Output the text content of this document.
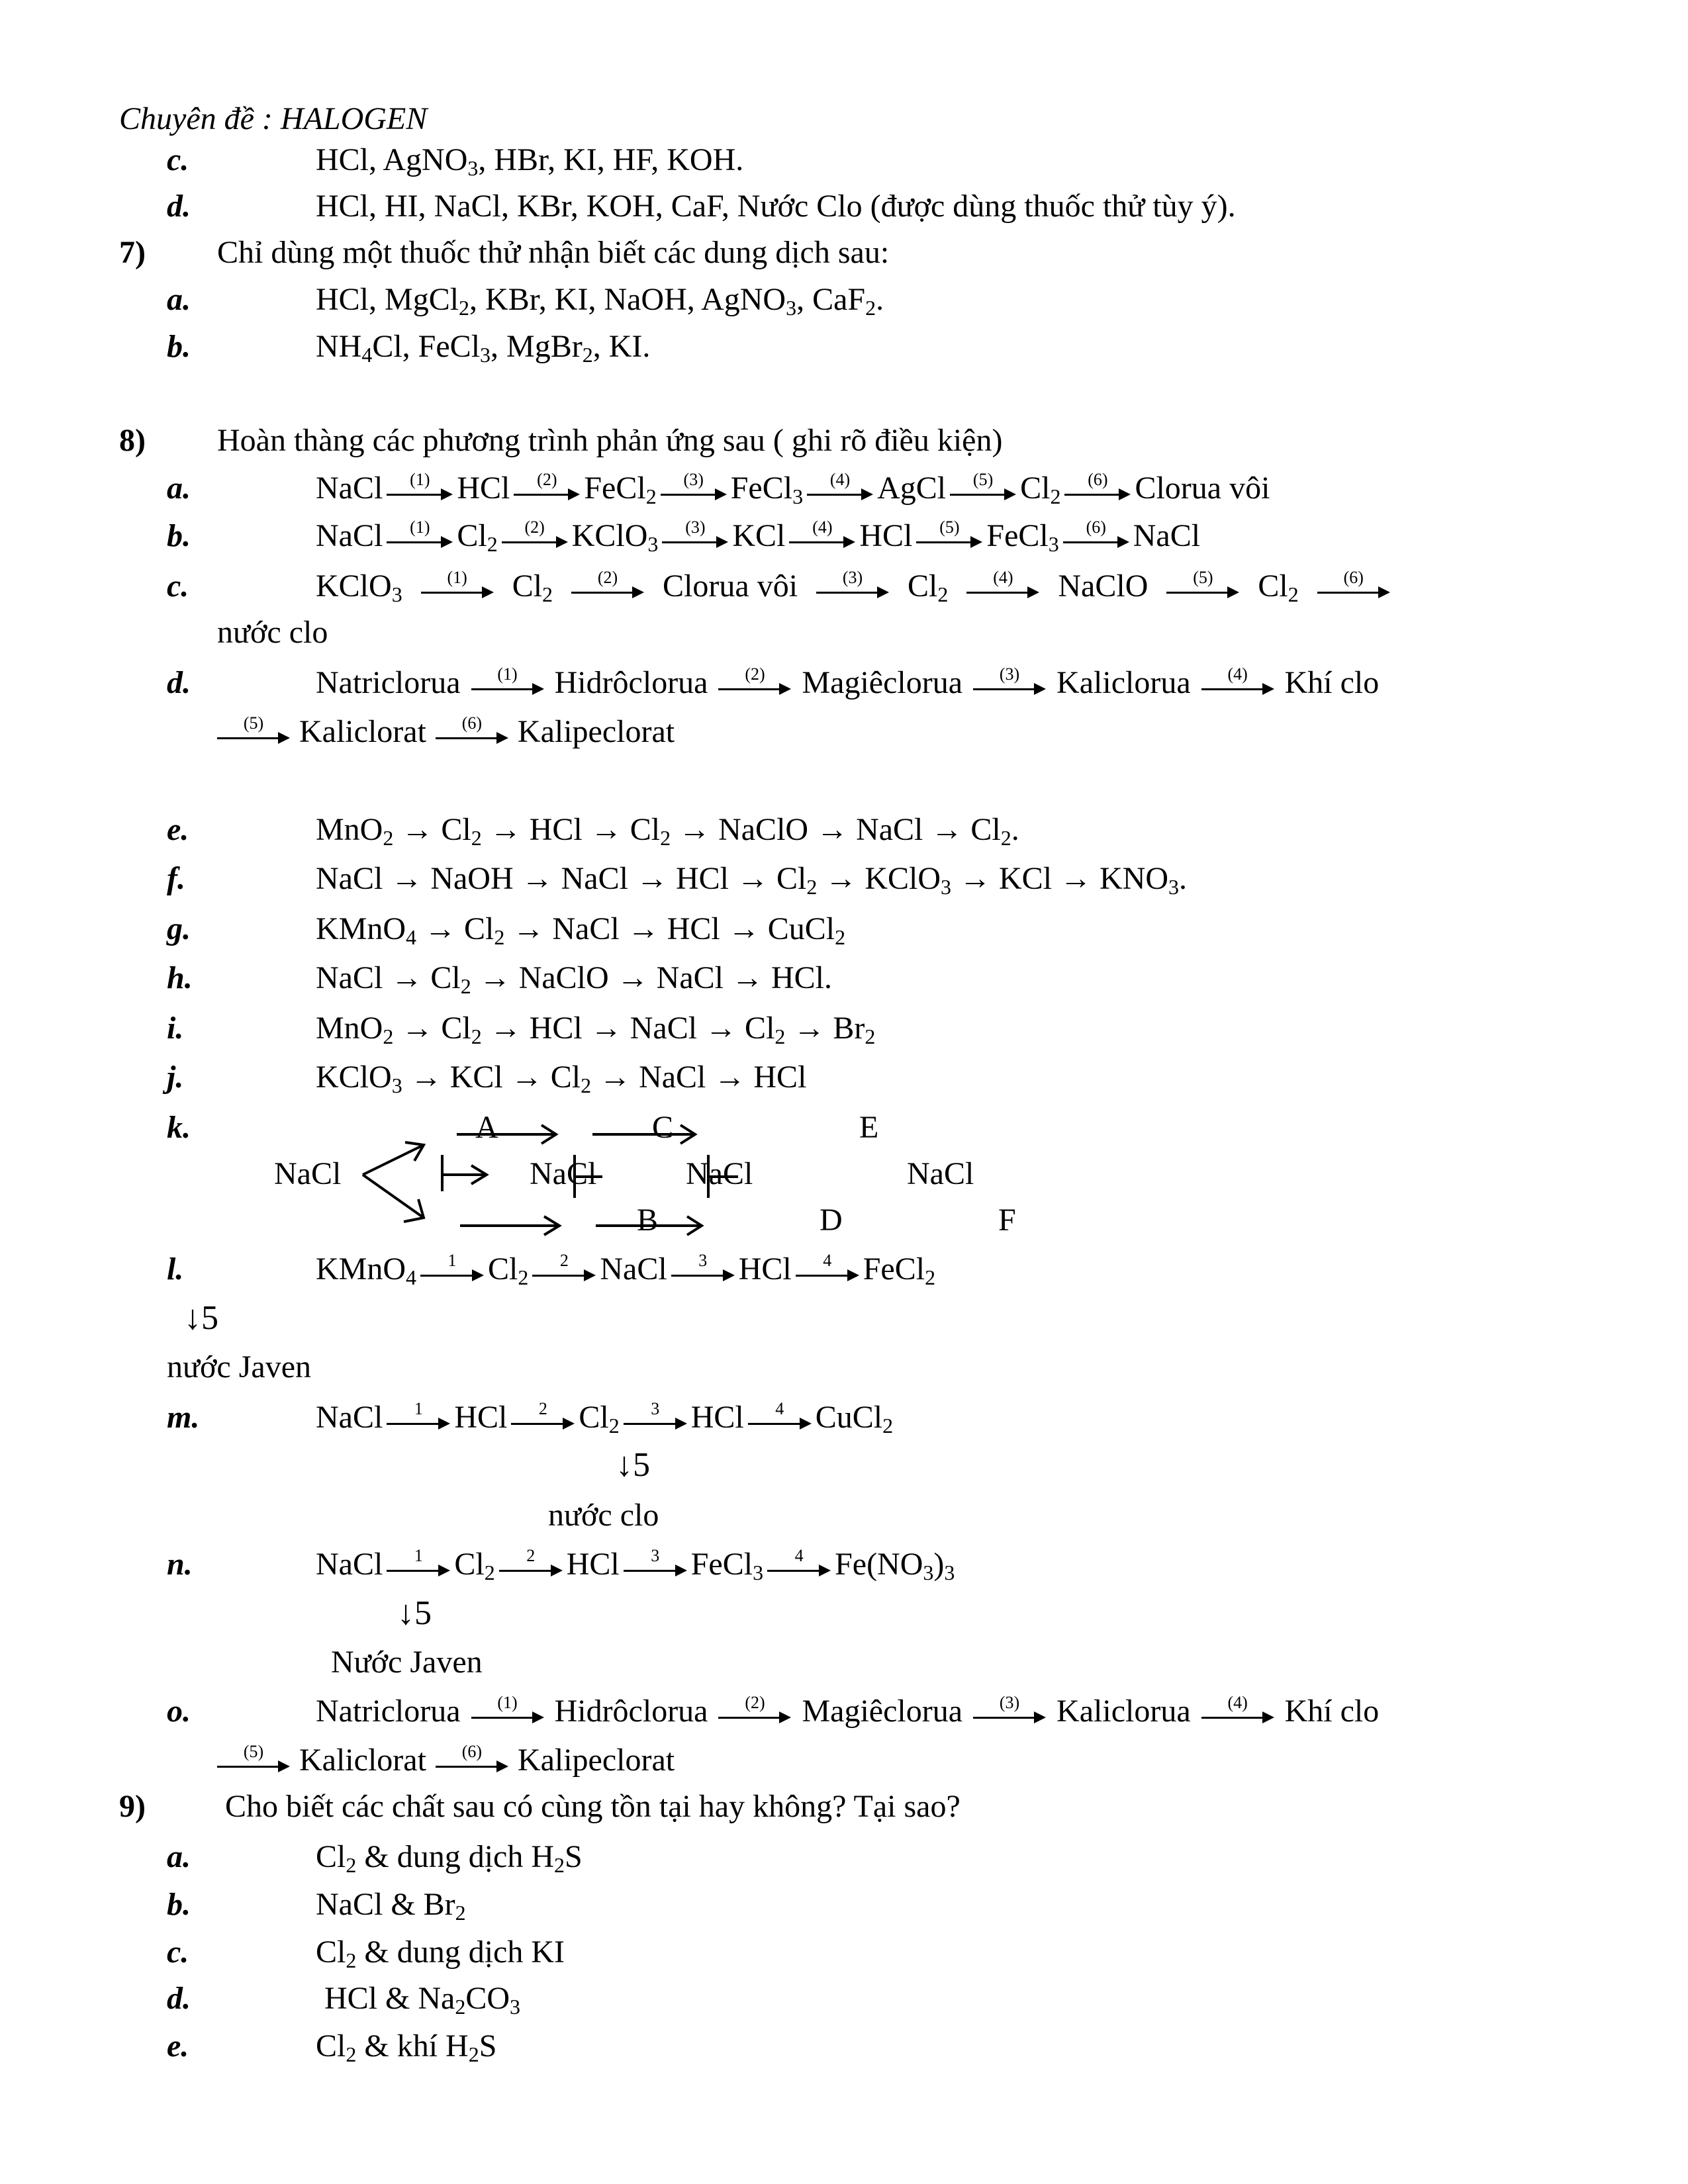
Chuyên đề : HALOGEN
c.	HCl, AgNO$_3$, HBr, KI, HF, KOH.
d.	HCl, HI, NaCl, KBr, KOH, CaF, Nước Clo (được dùng thuốc thử tùy ý).
7) Chỉ dùng một thuốc thử nhận biết các dung dịch sau:
a.	HCl, MgCl$_2$, KBr, KI, NaOH, AgNO$_3$, CaF$_2$.
b.	$NH_4Cl$, FeCl$_3$, MgBr$_2$, KI.
8) Hoàn thàng các phương trình phản ứng sau ( ghi rõ điều kiện)
a.	NaCl (1) HCl (2) FeCl$_2$
(3) FeCl$_3$
(4) AgCl (5) $Cl_2$
(6) Clorua vôi
b.	NaCl (1) $Cl_2$
(2) KClO$_3$
(3) KCl (4) HCl (5) FeCl$_3$
(6) NaCl
c.	KClO$_3$
(1) $Cl_2$
(2) Clorua vôi	(3) $Cl_2$
(4) NaClO	(5) $Cl_2$
(6)
nước clo
d.	Natriclorua (1) Hidrôclorua (2) Magiêclorua (3) Kaliclorua (4) Khí clo
(5) Kaliclorat (6) Kalipeclorat
e.	$MnO_2 \to Cl_2$ → HCl → $Cl_2$ → NaClO → NaCl → $Cl_2$.
f.	NaCl → NaOH → NaCl → HCl → $Cl_2$ → KClO$_3$ → KCl → $KNO_3$.
g.	KMnO$_4$ → $Cl_2$ → NaCl → HCl → CuCl$_2$
h.	NaCl → $Cl_2$ → NaClO → NaCl → HCl.
i.	$MnO_2 \to Cl_2$ → HCl → NaCl → $Cl_2 \to Br_2$
j.	KClO$_3$ → KCl → $Cl_2$ → NaCl → HCl
k.	A	C	E
NaCl	NaCl	NaCl	NaCl
B	D	F
l.	KMnO$_4$
1 $Cl_2$
2 NaCl 3 HCl 4 FeCl$_2$
↓5
nước Javen
m.	NaCl 1 HCl 2 $Cl_2$
3 HCl 4 CuCl$_2$
↓5
nước clo
n.	NaCl 1 $Cl_2$
2 HCl 3 FeCl$_3$
4 $Fe(NO_3)_3$
↓5
Nước Javen
o.	Natriclorua (1) Hidrôclorua (2) Magiêclorua (3) Kaliclorua (4) Khí clo
(5) Kaliclorat (6) Kalipeclorat
9)	Cho biết các chất sau có cùng tồn tại hay không? Tại sao?
a.	$Cl_2$ & dung dịch $H_2S$
b.	NaCl & $Br_2$
c.	$Cl_2$ & dung dịch KI
d.	HCl & $Na_2CO_3$
e.	$Cl_2$ & khí $H_2S$
